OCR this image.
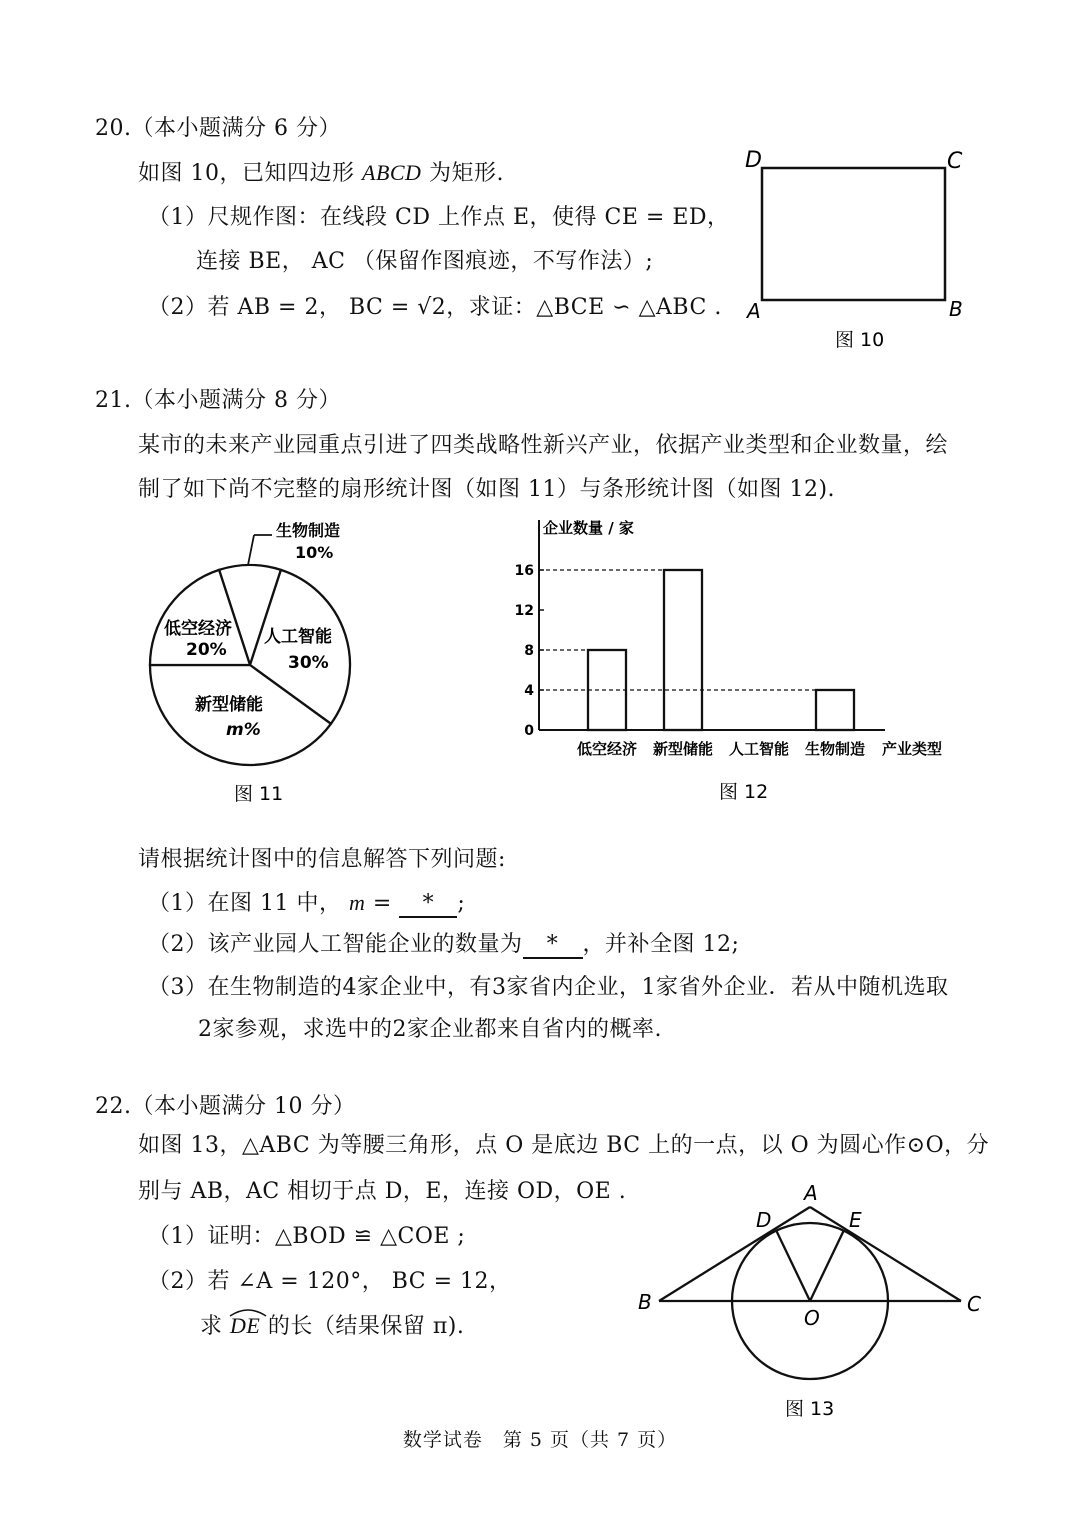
20.（本小题满分 6 分）
如图 10，已知四边形 ABCD 为矩形.
（1）尺规作图：在线段 CD 上作点 E，使得 CE = ED，
连接 BE， AC （保留作图痕迹，不写作法）;
（2）若 AB = 2， BC = √2，求证：△BCE ∽ △ABC .
D	C
A	B
图 10
21.（本小题满分 8 分）
某市的未来产业园重点引进了四类战略性新兴产业，依据产业类型和企业数量，绘
制了如下尚不完整的扇形统计图（如图 11）与条形统计图（如图 12).
生物制造
10%
人工智能
30%
新型储能
m%
低空经济
20%
图 11
0
4
8
12
16
低空经济 新型储能 人工智能 生物制造
企业数量 / 家
产业类型
图 12
请根据统计图中的信息解答下列问题:
（1）在图 11 中， m = * ;
（2）该产业园人工智能企业的数量为 * ，并补全图 12;
（3）在生物制造的4家企业中，有3家省内企业，1家省外企业．若从中随机选取
2家参观，求选中的2家企业都来自省内的概率.
22.（本小题满分 10 分）
如图 13，△ABC 为等腰三角形，点 O 是底边 BC 上的一点，以 O 为圆心作⊙O，分
别与 AB，AC 相切于点 D，E，连接 OD，OE .
（1）证明：△BOD ≌ △COE ;
（2）若 ∠A = 120°， BC = 12，
求 DE 的长（结果保留 π).
A
D	E
B
O
C
图 13
数学试卷　第 5 页（共 7 页）
